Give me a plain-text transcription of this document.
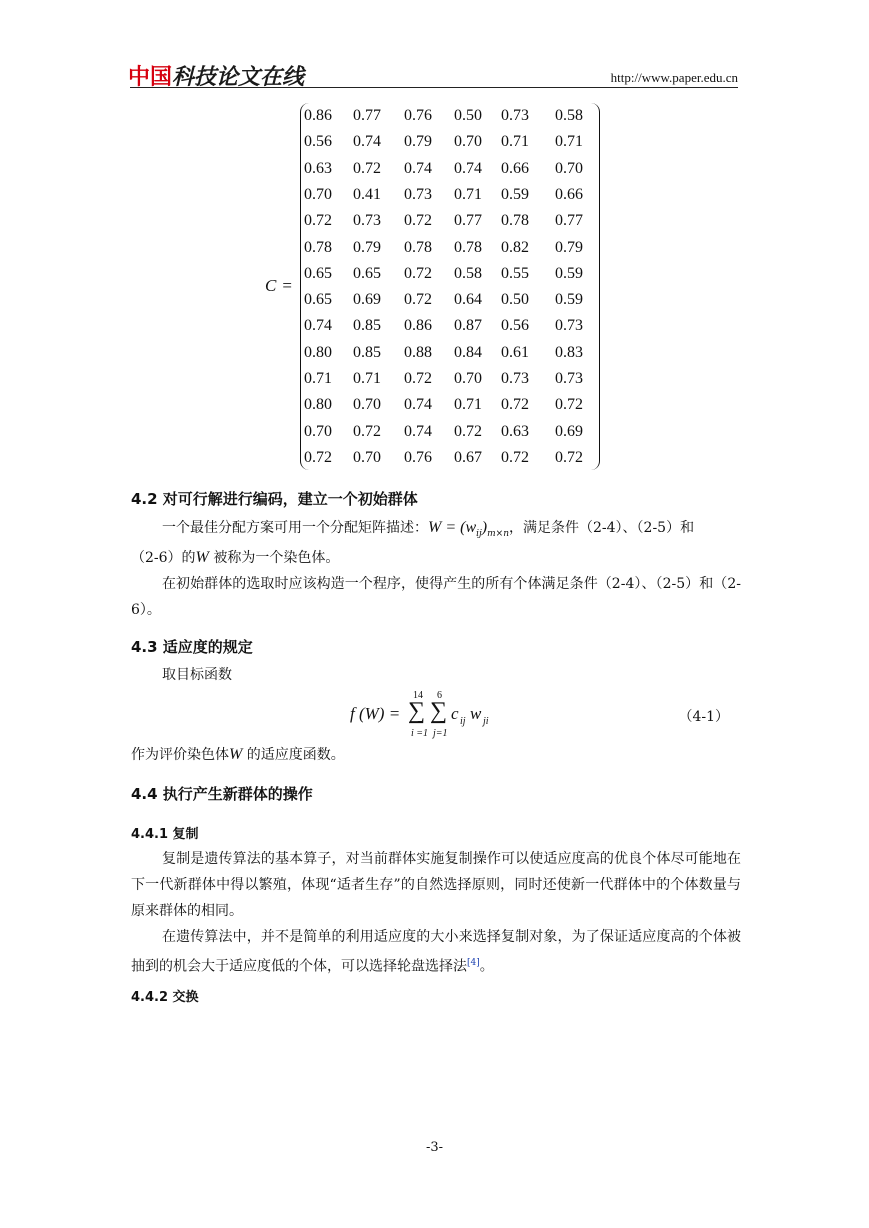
中国科技论文在线	http://www.paper.edu.cn
C =
0.86 0.77 0.76 0.50 0.73 0.58
0.56 0.74 0.79 0.70 0.71 0.71
0.63 0.72 0.74 0.74 0.66 0.70
0.70 0.41 0.73 0.71 0.59 0.66
0.72 0.73 0.72 0.77 0.78 0.77
0.78 0.79 0.78 0.78 0.82 0.79
0.65 0.65 0.72 0.58 0.55 0.59
0.65 0.69 0.72 0.64 0.50 0.59
0.74 0.85 0.86 0.87 0.56 0.73
0.80 0.85 0.88 0.84 0.61 0.83
0.71 0.71 0.72 0.70 0.73 0.73
0.80 0.70 0.74 0.71 0.72 0.72
0.70 0.72 0.74 0.72 0.63 0.69
0.72 0.70 0.76 0.67 0.72 0.72
4.2 对可行解进行编码，建立一个初始群体
一个最佳分配方案可用一个分配矩阵描述：$W = (w_{ij})_{m\times n}$，满足条件（2-4）、（2-5）和
（2-6）的W 被称为一个染色体。
在初始群体的选取时应该构造一个程序，使得产生的所有个体满足条件（2-4）、（2-5）和（2-6）。
4.3 适应度的规定
取目标函数
f (W) =
14
∑
i =1
6
∑
j=1
c ij w ji	（4-1）
作为评价染色体W 的适应度函数。
4.4 执行产生新群体的操作
4.4.1 复制
复制是遗传算法的基本算子，对当前群体实施复制操作可以使适应度高的优良个体尽可能地在下一代新群体中得以繁殖，体现“适者生存”的自然选择原则，同时还使新一代群体中的个体数量与原来群体的相同。
在遗传算法中，并不是简单的利用适应度的大小来选择复制对象，为了保证适应度高的个体被抽到的机会大于适应度低的个体，可以选择轮盘选择法[4]。
4.4.2 交换
-3-
